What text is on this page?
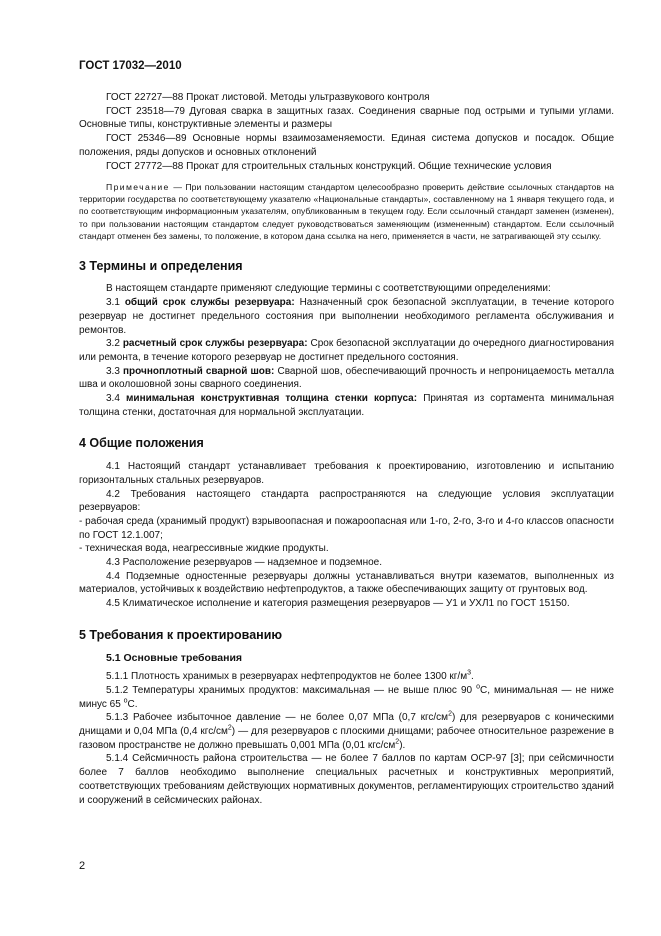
ГОСТ 17032—2010

ГОСТ 22727—88 Прокат листовой. Методы ультразвукового контроля

ГОСТ 23518—79 Дуговая сварка в защитных газах. Соединения сварные под острыми и тупыми углами. Основные типы, конструктивные элементы и размеры

ГОСТ 25346—89 Основные нормы взаимозаменяемости. Единая система допусков и посадок. Общие положения, ряды допусков и основных отклонений

ГОСТ 27772—88 Прокат для строительных стальных конструкций. Общие технические условия

Примечание — При пользовании настоящим стандартом целесообразно проверить действие ссылочных стандартов на территории государства по соответствующему указателю «Национальные стандарты», составленному на 1 января текущего года, и по соответствующим информационным указателям, опубликованным в текущем году. Если ссылочный стандарт заменен (изменен), то при пользовании настоящим стандартом следует руководствоваться заменяющим (измененным) стандартом. Если ссылочный стандарт отменен без замены, то положение, в котором дана ссылка на него, применяется в части, не затрагивающей эту ссылку.

3 Термины и определения

В настоящем стандарте применяют следующие термины с соответствующими определениями:

3.1 общий срок службы резервуара: Назначенный срок безопасной эксплуатации, в течение которого резервуар не достигнет предельного состояния при выполнении необходимого регламента обслуживания и ремонтов.

3.2 расчетный срок службы резервуара: Срок безопасной эксплуатации до очередного диагностирования или ремонта, в течение которого резервуар не достигнет предельного состояния.

3.3 прочноплотный сварной шов: Сварной шов, обеспечивающий прочность и непроницаемость металла шва и околошовной зоны сварного соединения.

3.4 минимальная конструктивная толщина стенки корпуса: Принятая из сортамента минимальная толщина стенки, достаточная для нормальной эксплуатации.

4 Общие положения

4.1 Настоящий стандарт устанавливает требования к проектированию, изготовлению и испытанию горизонтальных стальных резервуаров.

4.2 Требования настоящего стандарта распространяются на следующие условия эксплуатации резервуаров:

- рабочая среда (хранимый продукт) взрывоопасная и пожароопасная или 1-го, 2-го, 3-го и 4-го классов опасности по ГОСТ 12.1.007;

- техническая вода, неагрессивные жидкие продукты.

4.3 Расположение резервуаров — надземное и подземное.

4.4 Подземные одностенные резервуары должны устанавливаться внутри казематов, выполненных из материалов, устойчивых к воздействию нефтепродуктов, а также обеспечивающих защиту от грунтовых вод.

4.5 Климатическое исполнение и категория размещения резервуаров — У1 и УХЛ1 по ГОСТ 15150.

5 Требования к проектированию
5.1 Основные требования

5.1.1 Плотность хранимых в резервуарах нефтепродуктов не более 1300 $кг/м^3$.

5.1.2 Температуры хранимых продуктов: максимальная — не выше плюс 90 $^о$С, минимальная — не ниже минус 65 $^о$С.

5.1.3 Рабочее избыточное давление — не более 0,07 МПа (0,7 кгс/$см^2$) для резервуаров с коническими днищами и 0,04 МПа (0,4 кгс/$см^2$) — для резервуаров с плоскими днищами; рабочее относительное разрежение в газовом пространстве не должно превышать 0,001 МПа (0,01 кгс/$см^2$).

5.1.4 Сейсмичность района строительства — не более 7 баллов по картам ОСР-97 [3]; при сейсмичности более 7 баллов необходимо выполнение специальных расчетных и конструктивных мероприятий, соответствующих требованиям действующих нормативных документов, регламентирующих строительство зданий и сооружений в сейсмических районах.

2
